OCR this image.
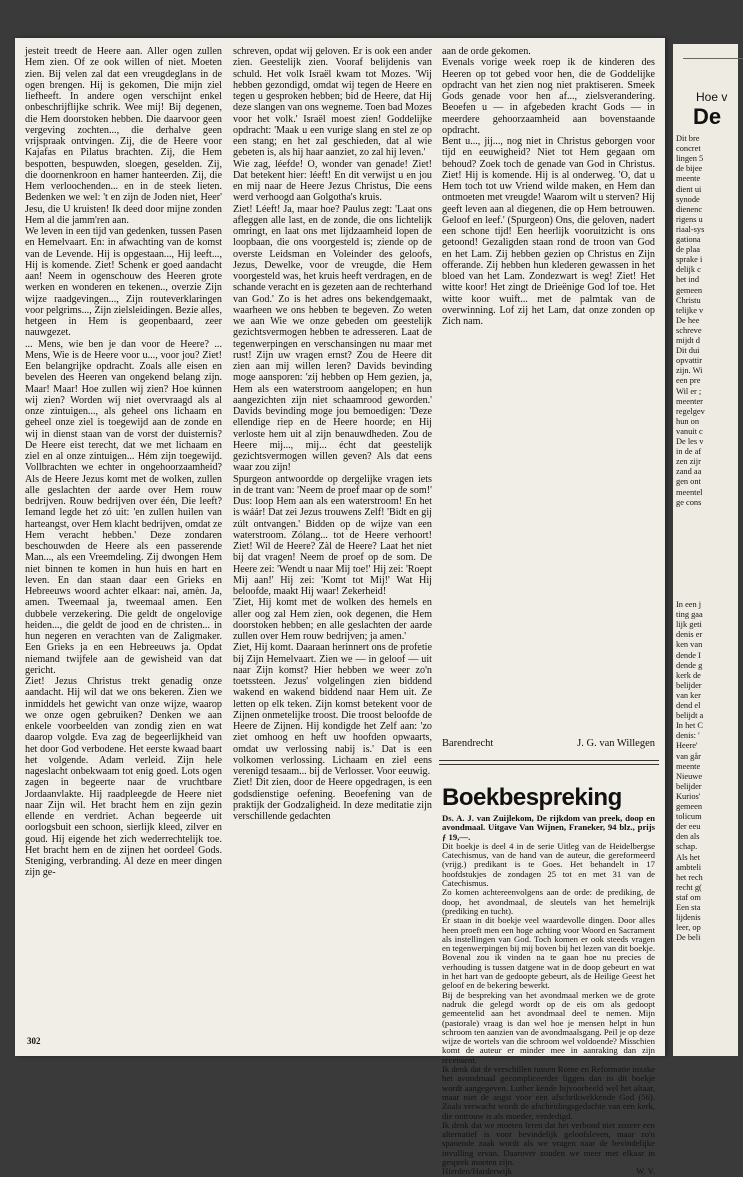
jesteit treedt de Heere aan. Aller ogen zullen Hem zien. Of ze ook willen of niet. Moeten zien. Bij velen zal dat een vreugdeglans in de ogen brengen. Hij is gekomen, Die mijn ziel liefheeft. In andere ogen verschijnt enkel onbeschrijflijke schrik. Wee mij! Bij degenen, die Hem doorstoken hebben. Die daarvoor geen vergeving zochten..., die derhalve geen vrijspraak ontvingen. Zij, die de Heere voor Kajafas en Pilatus brachten. Zij, die Hem bespotten, bespuwden, sloegen, geselden. Zij, die doornenkroon en hamer hanteerden. Zij, die Hem verloochenden... en in de steek lieten. Bedenken we wel: 't en zijn de Joden niet, Heer' Jesu, die U kruisten! Ik deed door mijne zonden Hem al die jamm'ren aan.

We leven in een tijd van gedenken, tussen Pasen en Hemelvaart. En: in afwachting van de komst van de Levende. Hij is opgestaan..., Hij leeft..., Hij is komende. Ziet! Schenk er goed aandacht aan! Neem in ogenschouw des Heeren grote werken en wonderen en tekenen.., overzie Zijn wijze raadgevingen..., Zijn routeverklaringen voor pelgrims..., Zijn zielsleidingen. Bezie alles, hetgeen in Hem is geopenbaard, zeer nauwgezet.

... Mens, wie ben je dan voor de Heere? ... Mens, Wie is de Heere voor u..., voor jou? Ziet! Een belangrijke opdracht. Zoals alle eisen en bevelen des Heeren van ongekend belang zijn. Maar! Maar! Hoe zullen wij zien? Hoe kúnnen wij zien? Worden wij niet overvraagd als al onze zintuigen..., als geheel ons lichaam en geheel onze ziel is toegewijd aan de zonde en wij in dienst staan van de vorst der duisternis? De Heere eist terecht, dat we met lichaam en ziel en al onze zintuigen... Hém zijn toegewijd. Vollbrachten we echter in ongehoorzaamheid? Als de Heere Jezus komt met de wolken, zullen alle geslachten der aarde over Hem rouw bedrijven. Rouw bedrijven over één, Die leeft? Iemand legde het zó uit: 'en zullen huilen van harteangst, over Hem klacht bedrijven, omdat ze Hem veracht hebben.' Deze zondaren beschouwden de Heere als een passerende Man..., als een Vreemdeling. Zij dwongen Hem niet binnen te komen in hun huis en hart en leven. En dan staan daar een Grieks en Hebreeuws woord achter elkaar: nai, amèn. Ja, amen. Tweemaal ja, tweemaal amen. Een dubbele verzekering. Die geldt de ongelovige heiden..., die geldt de jood en de christen... in hun negeren en verachten van de Zaligmaker. Een Grieks ja en een Hebreeuws ja. Opdat niemand twijfele aan de gewisheid van dat gericht.

Ziet! Jezus Christus trekt genadig onze aandacht. Hij wil dat we ons bekeren. Zien we inmiddels het gewicht van onze wijze, waarop we onze ogen gebruiken? Denken we aan enkele voorbeelden van zondig zien en wat daarop volgde. Eva zag de begeerlijkheid van het door God verbodene. Het eerste kwaad baart het volgende. Adam verleid. Zijn hele nageslacht onbekwaam tot enig goed. Lots ogen zagen in begeerte naar de vruchtbare Jordaanvlakte. Hij raadpleegde de Heere niet naar Zijn wil. Het bracht hem en zijn gezin ellende en verdriet. Achan begeerde uit oorlogsbuit een schoon, sierlijk kleed, zilver en goud. Hij eigende het zich wederrechtelijk toe. Het bracht hem en de zijnen het oordeel Gods. Steniging, verbranding. Al deze en meer dingen zijn ge-

schreven, opdat wij geloven. Er is ook een ander zien. Geestelijk zien. Vooraf belijdenis van schuld. Het volk Israël kwam tot Mozes. 'Wij hebben gezondigd, omdat wij tegen de Heere en tegen u gesproken hebben; bid de Heere, dat Hij deze slangen van ons wegneme. Toen bad Mozes voor het volk.' Israël moest zien! Goddelijke opdracht: 'Maak u een vurige slang en stel ze op een stang; en het zal geschieden, dat al wie gebeten is, als hij haar aanziet, zo zal hij leven.'

Wie zag, léefde! O, wonder van genade! Ziet! Dat betekent hier: léeft! En dit verwijst u en jou en mij naar de Heere Jezus Christus, Die eens werd verhoogd aan Golgotha's kruis.

Ziet! Léeft! Ja, maar hoe? Paulus zegt: 'Laat ons afleggen alle last, en de zonde, die ons lichtelijk omringt, en laat ons met lijdzaamheid lopen de loopbaan, die ons voorgesteld is; ziende op de overste Leidsman en Voleinder des geloofs, Jezus, Dewelke, voor de vreugde, die Hem voorgesteld was, het kruis heeft verdragen, en de schande veracht en is gezeten aan de rechterhand van God.' Zo is het adres ons bekendgemaakt, waarheen we ons hebben te begeven. Zo weten we aan Wie we onze gebeden om geestelijk gezichtsvermogen hebben te adresseren. Laat de tegenwerpingen en verschansingen nu maar met rust! Zijn uw vragen ernst? Zou de Heere dit zien aan mij willen leren? Davids bevinding moge aansporen: 'zij hebben op Hem gezien, ja, Hem als een waterstroom aangelopen; en hun aangezichten zijn niet schaamrood geworden.' Davids bevinding moge jou bemoedigen: 'Deze ellendige riep en de Heere hoorde; en Hij verloste hem uit al zijn benauwdheden. Zou de Heere mij..., mij... écht dat geestelijk gezichtsvermogen willen geven? Als dat eens waar zou zijn!

Spurgeon antwoordde op dergelijke vragen iets in de trant van: 'Neem de proef maar op de som!' Dus: loop Hem aan als een waterstroom! En het is wáár! Dat zei Jezus trouwens Zelf! 'Bidt en gij zúlt ontvangen.' Bidden op de wijze van een waterstroom. Zólang... tot de Heere verhoort! Ziet! Wil de Heere? Zàl de Heere? Laat het niet bij dat vragen! Neem de proef op de som. De Heere zei: 'Wendt u naar Mij toe!' Hij zei: 'Roept Mij aan!' Hij zei: 'Komt tot Mij!' Wat Hij beloofde, maakt Hij waar! Zekerheid!

'Ziet, Hij komt met de wolken des hemels en aller oog zal Hem zien, ook degenen, die Hem doorstoken hebben; en alle geslachten der aarde zullen over Hem rouw bedrijven; ja amen.'

Ziet, Hij komt. Daaraan herinnert ons de profetie bij Zijn Hemelvaart. Zien we — in geloof — uit naar Zijn komst? Hier hebben we weer zo'n toetssteen. Jezus' volgelingen zien biddend wakend en wakend biddend naar Hem uit. Ze letten op elk teken. Zijn komst betekent voor de Zijnen onmetelijke troost. Die troost beloofde de Heere de Zijnen. Hij kondigde het Zelf aan: 'zo ziet omhoog en heft uw hoofden opwaarts, omdat uw verlossing nabij is.' Dat is een volkomen verlossing. Lichaam en ziel eens verenigd tesaam... bij de Verlosser. Voor eeuwig.

Ziet! Dit zien, door de Heere opgedragen, is een godsdienstige oefening. Beoefening van de praktijk der Godzaligheid. In deze meditatie zijn verschillende gedachten

aan de orde gekomen.

Evenals vorige week roep ik de kinderen des Heeren op tot gebed voor hen, die de Goddelijke opdracht van het zien nog niet praktiseren. Smeek Gods genade voor hen af..., zielsverandering. Beoefen u — in afgebeden kracht Gods — in meerdere gehoorzaamheid aan bovenstaande opdracht.

Bent u..., jij..., nog niet in Christus geborgen voor tijd en eeuwigheid? Niet tot Hem gegaan om behoud? Zoek toch de genade van God in Christus. Ziet! Hij is komende. Hij is al onderweg. 'O, dat u Hem toch tot uw Vriend wilde maken, en Hem dan ontmoeten met vreugde! Waarom wilt u sterven? Hij geeft leven aan al diegenen, die op Hem betrouwen. Geloof en leef.' (Spurgeon) Ons, die geloven, nadert een schone tijd! Een heerlijk vooruitzicht is ons getoond! Gezaligden staan rond de troon van God en het Lam. Zij hebben gezien op Christus en Zijn offerande. Zij hebben hun klederen gewassen in het bloed van het Lam. Zondezwart is weg! Ziet! Het witte koor! Het zingt de Drieënige God lof toe. Het witte koor wuift... met de palmtak van de overwinning. Lof zij het Lam, dat onze zonden op Zich nam.

Barendrecht	J. G. van Willegen
Boekbespreking

Ds. A. J. van Zuijlekom, De rijkdom van preek, doop en avondmaal. Uitgave Van Wijnen, Franeker, 94 blz., prijs ƒ 19,—.

Dit boekje is deel 4 in de serie Uitleg van de Heidelbergse Catechismus, van de hand van de auteur, die gereformeerd (vrijg.) predikant is te Goes. Het behandelt in 17 hoofdstukjes de zondagen 25 tot en met 31 van de Catechismus.

Zo komen achtereenvolgens aan de orde: de prediking, de doop, het avondmaal, de sleutels van het hemelrijk (prediking en tucht).

Er staan in dit boekje veel waardevolle dingen. Door alles heen proeft men een hoge achting voor Woord en Sacrament als instellingen van God. Toch komen er ook steeds vragen en tegenwerpingen bij mij boven bij het lezen van dit boekje. Bovenal zou ik vinden na te gaan hoe nu precies de verhouding is tussen datgene wat in de doop gebeurt en wat in het hart van de gedoopte gebeurt, als de Heilige Geest het geloof en de bekering bewerkt.

Bij de bespreking van het avondmaal merken we de grote nadruk die gelegd wordt op de eis om als gedoopt gemeentelid aan het avondmaal deel te nemen. Mijn (pastorale) vraag is dan wel hoe je mensen helpt in hun schroom ten aanzien van de avondmaalsgang. Peil je op deze wijze de wortels van die schroom wel voldoende? Misschien komt de auteur er minder mee in aanraking dan zijn recensent.

Ik denk dat de verschillen tussen Rome en Reformatie inzake het avondmaal gecompliceerder liggen dan in dit boekje wordt aangegeven. Luther kende bijvoorbeeld wel het altaar, maar niet de angst voor een afschrikwekkende God (56). Zoals verwacht wordt de afscheidingsgedachte van een kerk, die ontrouw is als moeder, verdedigd.

Ik denk dat we moeten leren dat het verbond niet zozeer een alternatief is voor bevindelijk geloofsleven, maar zo'n spanende zaak wordt als we vragen naar de bevindelijke invulling ervan. Daarover zouden we meer met elkaar in gesprek moeten zijn.

Hierden/Harderwijk	W. V.

302
Hoe v
De
Dit bre
concret
lingen 5
de bijee
meente
dient ui
synode
dienenc
rigens u
riaal-sys
gationa
de plaa
sprake i
delijk c
het ind
gemeen
Christu
telijke v
De hee
schreve
mijdt d
Dit dui
opvattir
zijn. Wi
een pre
Wil er ;
meenter
regelgev
hun on
vanuit c
De les v
in de af
zen zijr
zand aa
gen ont
meentel
ge cons
In een j
ting gaa
lijk geti
denis er
ken van
dende I
dende g
kerk de
belijder
van ker
dend el
belijdt a
In het C
denis: '
Heere'
van går
meente
Nieuwe
belijder
Kurios'
gemeen
tolicum
der eeu
den als
schap.
Als het
ambteli
het rech
recht g(
staf om
Een sta
lijdenis
leer, op
De beli
